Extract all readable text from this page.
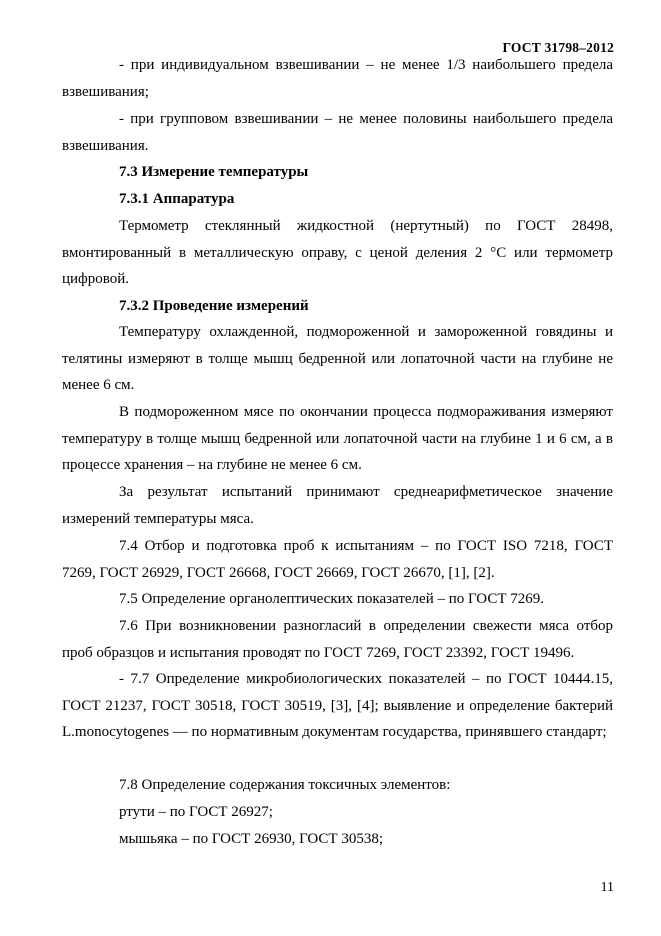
ГОСТ 31798–2012

- при индивидуальном взвешивании – не менее 1/3 наибольшего предела взвешивания;

- при групповом взвешивании – не менее половины наибольшего предела взвешивания.

7.3 Измерение температуры

7.3.1 Аппаратура

Термометр стеклянный жидкостной (нертутный) по ГОСТ 28498, вмонтированный в металлическую оправу, с ценой деления 2 °С или термометр цифровой.

7.3.2 Проведение измерений

Температуру охлажденной, подмороженной и замороженной говядины и телятины измеряют в толще мышц бедренной или лопаточной части на глубине не менее 6 см.

В подмороженном мясе по окончании процесса подмораживания измеряют температуру в толще мышц бедренной или лопаточной части на глубине 1 и 6 см, а в процессе хранения – на глубине не менее 6 см.

За результат испытаний принимают среднеарифметическое значение измерений температуры мяса.

7.4 Отбор и подготовка проб к испытаниям – по ГОСТ ISO 7218, ГОСТ 7269, ГОСТ 26929, ГОСТ 26668, ГОСТ 26669, ГОСТ 26670, [1], [2].

7.5 Определение органолептических показателей – по ГОСТ 7269.

7.6 При возникновении разногласий в определении свежести мяса отбор проб образцов и испытания проводят по ГОСТ 7269, ГОСТ 23392, ГОСТ 19496.

- 7.7 Определение микробиологических показателей – по ГОСТ 10444.15, ГОСТ 21237, ГОСТ 30518, ГОСТ 30519, [3], [4]; выявление и определение бактерий L.monocytogenes — по нормативным документам государства, принявшего стандарт;

7.8 Определение содержания токсичных элементов:

ртути – по ГОСТ 26927;

мышьяка – по ГОСТ 26930, ГОСТ 30538;

11
